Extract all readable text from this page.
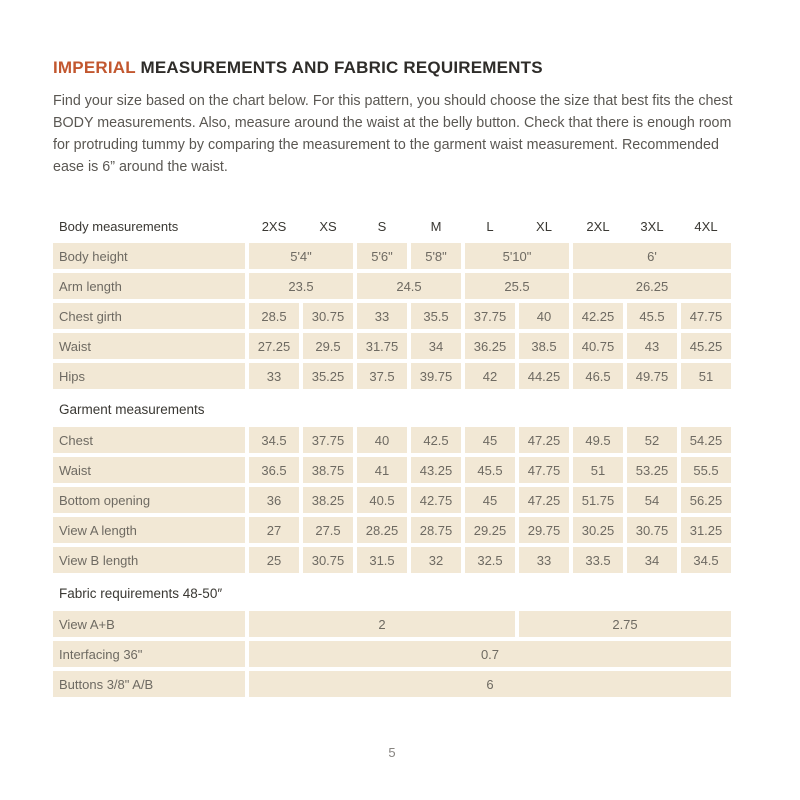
IMPERIAL MEASUREMENTS AND FABRIC REQUIREMENTS

Find your size based on the chart below. For this pattern, you should choose the size that best fits the chest BODY measurements. Also, measure around the waist at the belly button. Check that there is enough room for protruding tummy by comparing the measurement to the garment waist measurement. Recommended ease is 6” around the waist.

Body measurements	2XS	XS	S	M	L	XL	2XL	3XL	4XL
Body height	5'4"	5'6"	5'8"	5'10"	6'
Arm length	23.5	24.5	25.5	26.25
Chest girth	28.5	30.75	33	35.5	37.75	40	42.25	45.5	47.75
Waist	27.25	29.5	31.75	34	36.25	38.5	40.75	43	45.25
Hips	33	35.25	37.5	39.75	42	44.25	46.5	49.75	51
Garment measurements
Chest	34.5	37.75	40	42.5	45	47.25	49.5	52	54.25
Waist	36.5	38.75	41	43.25	45.5	47.75	51	53.25	55.5
Bottom opening	36	38.25	40.5	42.75	45	47.25	51.75	54	56.25
View A length	27	27.5	28.25	28.75	29.25	29.75	30.25	30.75	31.25
View B length	25	30.75	31.5	32	32.5	33	33.5	34	34.5
Fabric requirements 48-50″
View A+B	2	2.75
Interfacing 36"	0.7
Buttons 3/8" A/B	6
5
